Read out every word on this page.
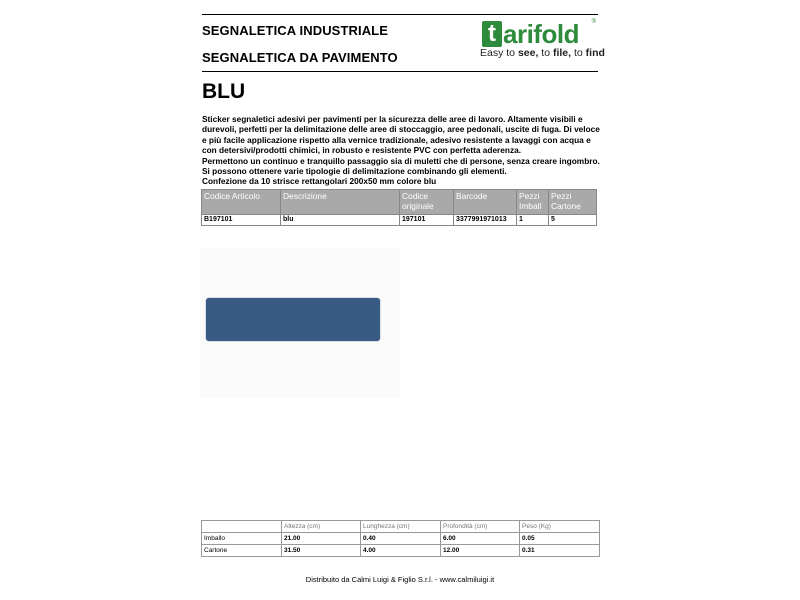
SEGNALETICA INDUSTRIALE
SEGNALETICA DA PAVIMENTO
t arifold ®
Easy to see, to file, to find
BLU

Sticker segnaletici adesivi per pavimenti per la sicurezza delle aree di lavoro. Altamente visibili e durevoli, perfetti per la delimitazione delle aree di stoccaggio, aree pedonali, uscite di fuga. Di veloce e più facile applicazione rispetto alla vernice tradizionale, adesivo resistente a lavaggi con acqua e con detersivi/prodotti chimici, in robusto e resistente PVC con perfetta aderenza.

Permettono un continuo e tranquillo passaggio sia di muletti che di persone, senza creare ingombro. Si possono ottenere varie tipologie di delimitazione combinando gli elementi.

Confezione da 10 strisce rettangolari 200x50 mm colore blu

Codice Articolo	Descrizione	Codice originale	Barcode	Pezzi Imball	Pezzi Cartone
B197101	blu	197101	3377991971013	1	5
	Altezza (cm)	Lunghezza (cm)	Profondità (cm)	Peso (Kg)
Imballo	21.00	0.40	6.00	0.05
Cartone	31.50	4.00	12.00	0.31
Distribuito da Calmi Luigi & Figlio S.r.l. - www.calmiluigi.it
